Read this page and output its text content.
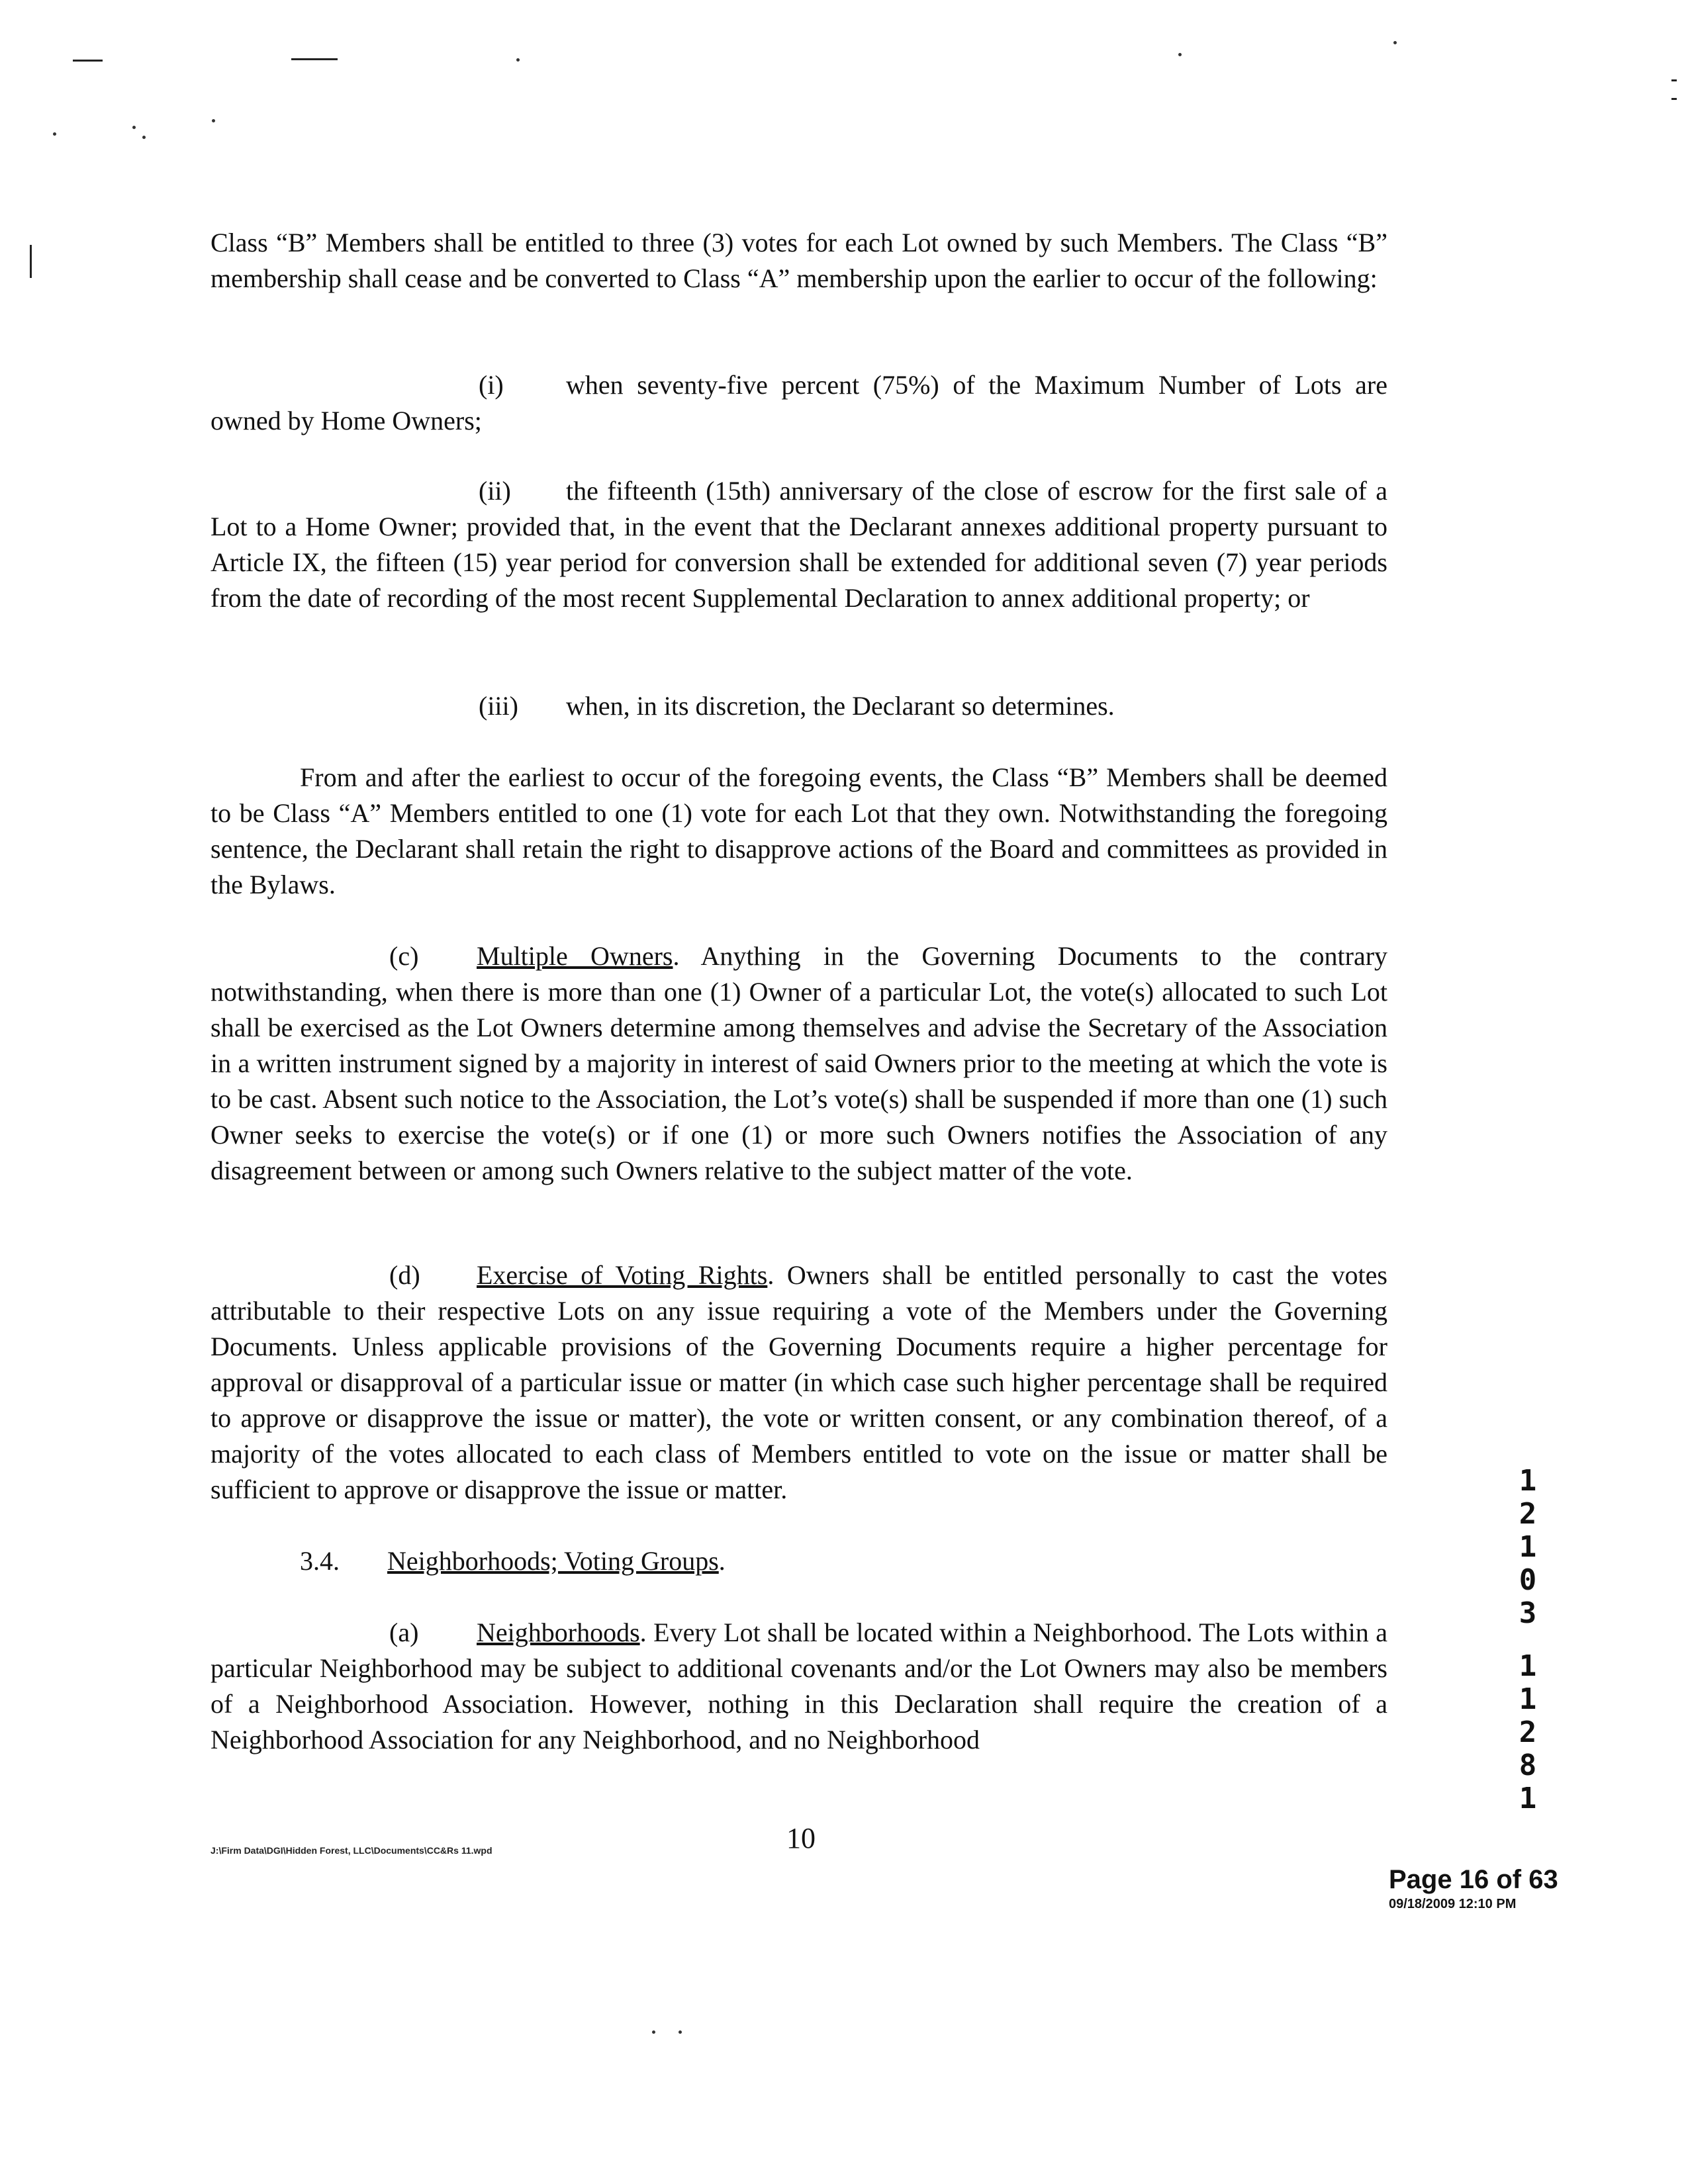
Class “B” Members shall be entitled to three (3) votes for each Lot owned by such Members. The Class “B” membership shall cease and be converted to Class “A” membership upon the earlier to occur of the following:

(i) when seventy-five percent (75%) of the Maximum Number of Lots are owned by Home Owners;

(ii) the fifteenth (15th) anniversary of the close of escrow for the first sale of a Lot to a Home Owner; provided that, in the event that the Declarant annexes additional property pursuant to Article IX, the fifteen (15) year period for conversion shall be extended for additional seven (7) year periods from the date of recording of the most recent Supplemental Declaration to annex additional property; or

(iii) when, in its discretion, the Declarant so determines.

From and after the earliest to occur of the foregoing events, the Class “B” Members shall be deemed to be Class “A” Members entitled to one (1) vote for each Lot that they own. Notwithstanding the foregoing sentence, the Declarant shall retain the right to disapprove actions of the Board and committees as provided in the Bylaws.

(c) Multiple Owners. Anything in the Governing Documents to the contrary notwithstanding, when there is more than one (1) Owner of a particular Lot, the vote(s) allocated to such Lot shall be exercised as the Lot Owners determine among themselves and advise the Secretary of the Association in a written instrument signed by a majority in interest of said Owners prior to the meeting at which the vote is to be cast. Absent such notice to the Association, the Lot’s vote(s) shall be suspended if more than one (1) such Owner seeks to exercise the vote(s) or if one (1) or more such Owners notifies the Association of any disagreement between or among such Owners relative to the subject matter of the vote.

(d) Exercise of Voting Rights. Owners shall be entitled personally to cast the votes attributable to their respective Lots on any issue requiring a vote of the Members under the Governing Documents. Unless applicable provisions of the Governing Documents require a higher percentage for approval or disapproval of a particular issue or matter (in which case such higher percentage shall be required to approve or disapprove the issue or matter), the vote or written consent, or any combination thereof, of a majority of the votes allocated to each class of Members entitled to vote on the issue or matter shall be sufficient to approve or disapprove the issue or matter.

3.4. Neighborhoods; Voting Groups.

(a) Neighborhoods. Every Lot shall be located within a Neighborhood. The Lots within a particular Neighborhood may be subject to additional covenants and/or the Lot Owners may also be members of a Neighborhood Association. However, nothing in this Declaration shall require the creation of a Neighborhood Association for any Neighborhood, and no Neighborhood

1
2
1
0
3
1
1
2
8
1
J:\Firm Data\DGI\Hidden Forest, LLC\Documents\CC&Rs 11.wpd	10
Page 16 of 63
09/18/2009 12:10 PM
